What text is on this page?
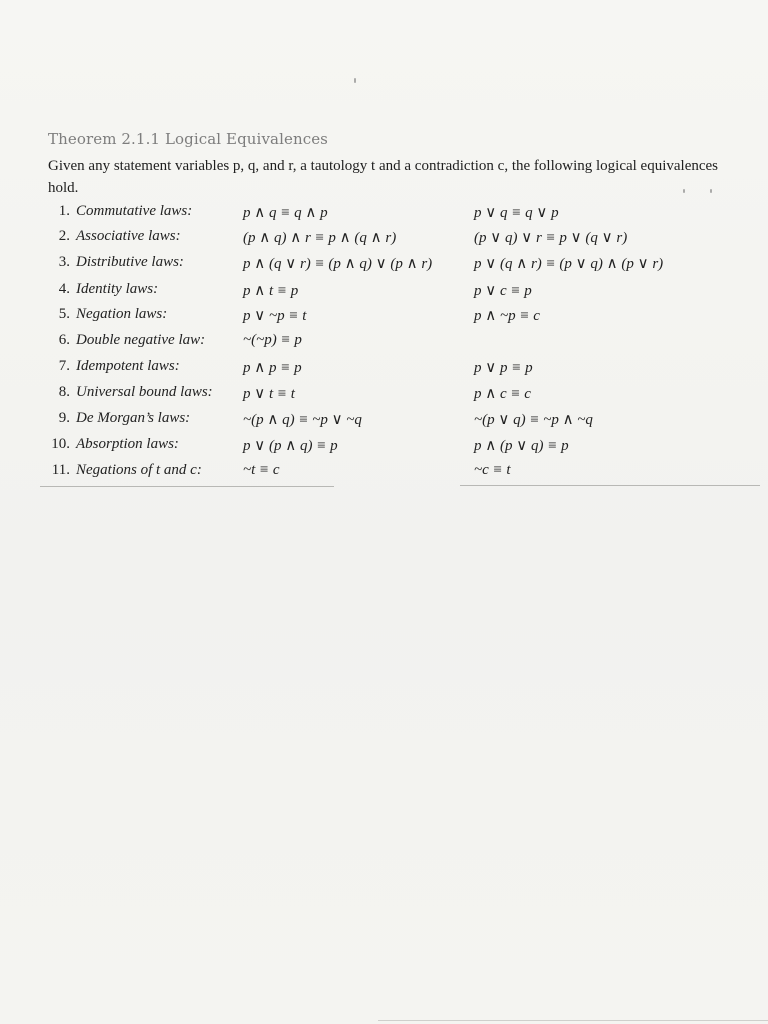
Theorem 2.1.1 Logical Equivalences
Given any statement variables p, q, and r, a tautology t and a contradiction c, the following logical equivalences
hold.
1. Commutative laws:	p ∧ q ≡ q ∧ p	p ∨ q ≡ q ∨ p
2. Associative laws:	(p ∧ q) ∧ r ≡ p ∧ (q ∧ r)	(p ∨ q) ∨ r ≡ p ∨ (q ∨ r)
3. Distributive laws:	p ∧ (q ∨ r) ≡ (p ∧ q) ∨ (p ∧ r)	p ∨ (q ∧ r) ≡ (p ∨ q) ∧ (p ∨ r)
4. Identity laws:	p ∧ t ≡ p	p ∨ c ≡ p
5. Negation laws:	p ∨ ~p ≡ t	p ∧ ~p ≡ c
6. Double negative law:	~(~p) ≡ p
7. Idempotent laws:	p ∧ p ≡ p	p ∨ p ≡ p
8. Universal bound laws: p ∨ t ≡ t	p ∧ c ≡ c
9. De Morgan’s laws:	~(p ∧ q) ≡ ~p ∨ ~q	~(p ∨ q) ≡ ~p ∧ ~q
10. Absorption laws:	p ∨ (p ∧ q) ≡ p	p ∧ (p ∨ q) ≡ p
11. Negations of t and c:	~t ≡ c	~c ≡ t
